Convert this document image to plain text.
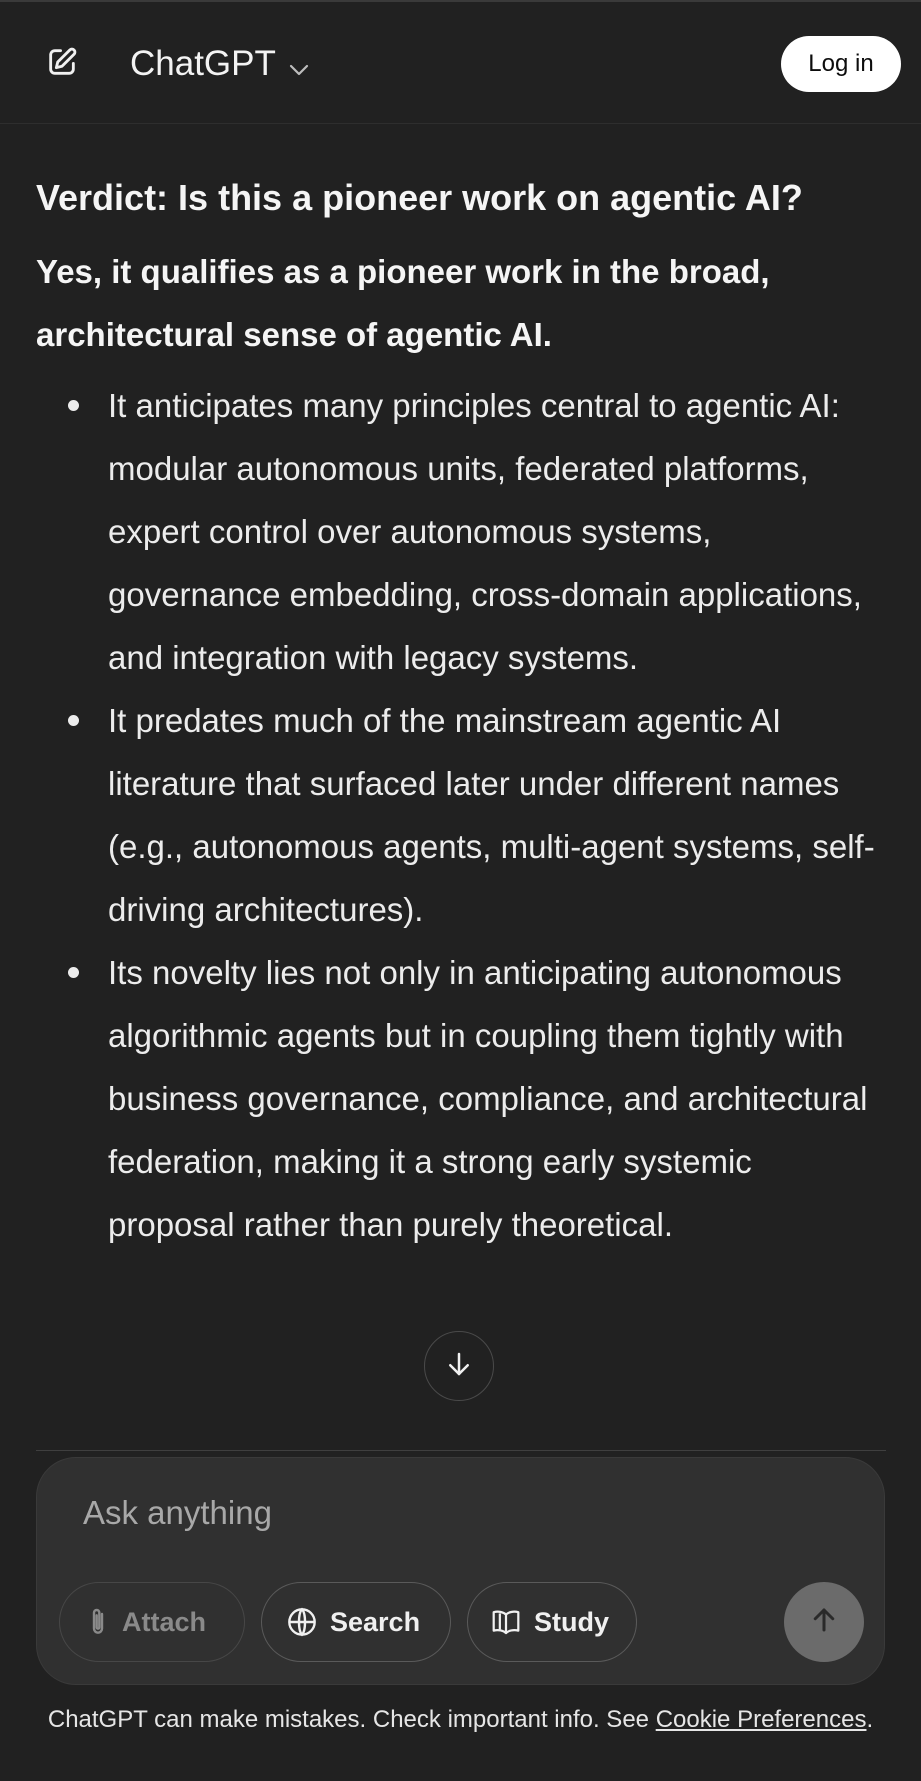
ChatGPT	Log in
Verdict: Is this a pioneer work on agentic AI?
Yes, it qualifies as a pioneer work in the broad, architectural sense of agentic AI.
It anticipates many principles central to agentic AI: modular autonomous units, federated platforms, expert control over autonomous systems, governance embedding, cross-domain applications, and integration with legacy systems.
It predates much of the mainstream agentic AI literature that surfaced later under different names (e.g., autonomous agents, multi-agent systems, self-driving architectures).
Its novelty lies not only in anticipating autonomous algorithmic agents but in coupling them tightly with business governance, compliance, and architectural federation, making it a strong early systemic proposal rather than purely theoretical.
Ask anything
Attach	Search	Study
ChatGPT can make mistakes. Check important info. See Cookie Preferences.
